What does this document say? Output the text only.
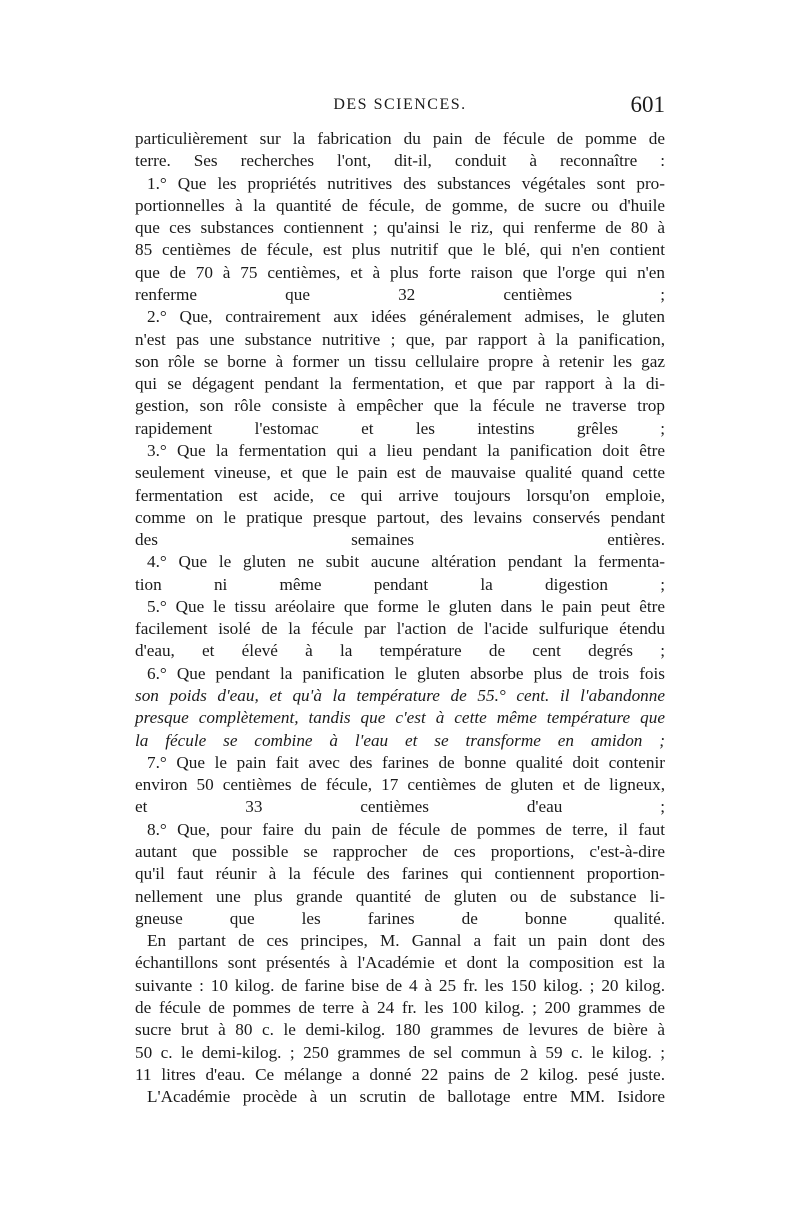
DES SCIENCES.	601

particulièrement sur la fabrication du pain de fécule de pomme de
terre. Ses recherches l'ont, dit-il, conduit à reconnaître :

1.° Que les propriétés nutritives des substances végétales sont pro-
portionnelles à la quantité de fécule, de gomme, de sucre ou d'huile
que ces substances contiennent ; qu'ainsi le riz, qui renferme de 80 à
85 centièmes de fécule, est plus nutritif que le blé, qui n'en contient
que de 70 à 75 centièmes, et à plus forte raison que l'orge qui n'en
renferme que 32 centièmes ;

2.° Que, contrairement aux idées généralement admises, le gluten
n'est pas une substance nutritive ; que, par rapport à la panification,
son rôle se borne à former un tissu cellulaire propre à retenir les gaz
qui se dégagent pendant la fermentation, et que par rapport à la di-
gestion, son rôle consiste à empêcher que la fécule ne traverse trop
rapidement l'estomac et les intestins grêles ;

3.° Que la fermentation qui a lieu pendant la panification doit être
seulement vineuse, et que le pain est de mauvaise qualité quand cette
fermentation est acide, ce qui arrive toujours lorsqu'on emploie,
comme on le pratique presque partout, des levains conservés pendant
des semaines entières.

4.° Que le gluten ne subit aucune altération pendant la fermenta-
tion ni même pendant la digestion ;

5.° Que le tissu aréolaire que forme le gluten dans le pain peut être
facilement isolé de la fécule par l'action de l'acide sulfurique étendu
d'eau, et élevé à la température de cent degrés ;

6.° Que pendant la panification le gluten absorbe plus de trois fois
son poids d'eau, et qu'à la température de 55.° cent. il l'abandonne
presque complètement, tandis que c'est à cette même température que
la fécule se combine à l'eau et se transforme en amidon ;

7.° Que le pain fait avec des farines de bonne qualité doit contenir
environ 50 centièmes de fécule, 17 centièmes de gluten et de ligneux,
et 33 centièmes d'eau ;

8.° Que, pour faire du pain de fécule de pommes de terre, il faut
autant que possible se rapprocher de ces proportions, c'est-à-dire
qu'il faut réunir à la fécule des farines qui contiennent proportion-
nellement une plus grande quantité de gluten ou de substance li-
gneuse que les farines de bonne qualité.

En partant de ces principes, M. Gannal a fait un pain dont des
échantillons sont présentés à l'Académie et dont la composition est la
suivante : 10 kilog. de farine bise de 4 à 25 fr. les 150 kilog. ; 20 kilog.
de fécule de pommes de terre à 24 fr. les 100 kilog. ; 200 grammes de
sucre brut à 80 c. le demi-kilog. 180 grammes de levures de bière à
50 c. le demi-kilog. ; 250 grammes de sel commun à 59 c. le kilog. ;
11 litres d'eau. Ce mélange a donné 22 pains de 2 kilog. pesé juste.

L'Académie procède à un scrutin de ballotage entre MM. Isidore
